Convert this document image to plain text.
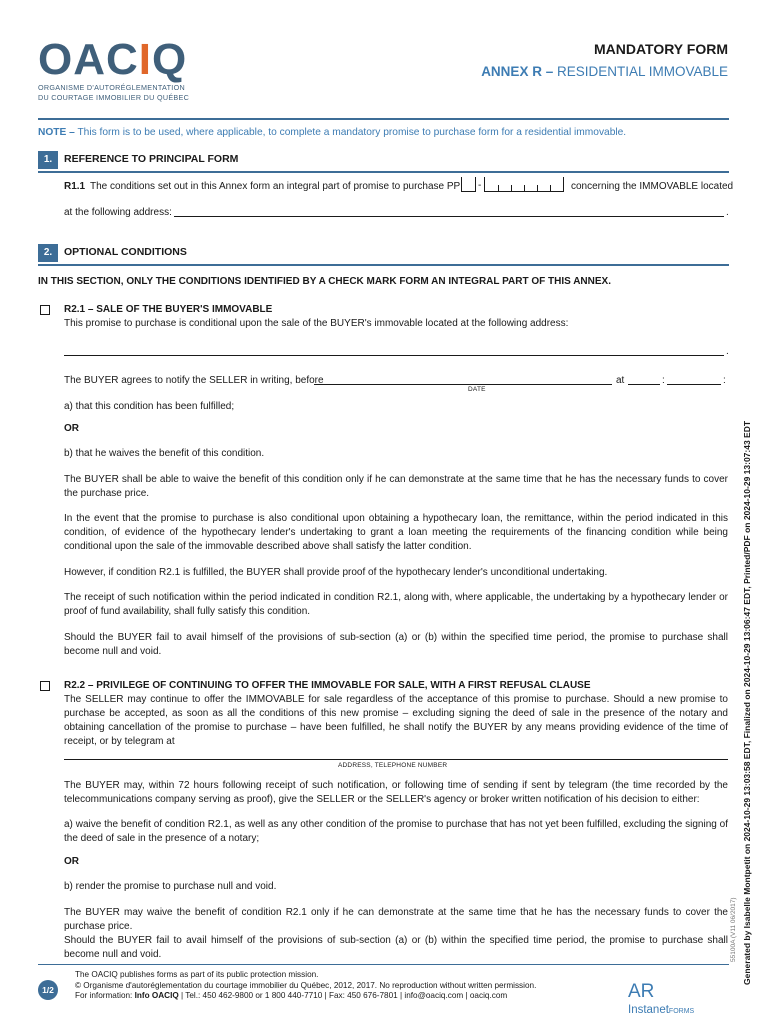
OACIQ
ORGANISME D'AUTORÉGLEMENTATION
DU COURTAGE IMMOBILIER DU QUÉBEC
MANDATORY FORM
ANNEX R – RESIDENTIAL IMMOVABLE
NOTE – This form is to be used, where applicable, to complete a mandatory promise to purchase form for a residential immovable.
1.	REFERENCE TO PRINCIPAL FORM
R1.1 The conditions set out in this Annex form an integral part of promise to purchase PP -	concerning the IMMOVABLE located
at the following address:	.
2.	OPTIONAL CONDITIONS
IN THIS SECTION, ONLY THE CONDITIONS IDENTIFIED BY A CHECK MARK FORM AN INTEGRAL PART OF THIS ANNEX.
R2.1 – SALE OF THE BUYER'S IMMOVABLE
This promise to purchase is conditional upon the sale of the BUYER's immovable located at the following address:
.
The BUYER agrees to notify the SELLER in writing, before
DATE
at	:	:
a) that this condition has been fulfilled;
OR
b) that he waives the benefit of this condition.
The BUYER shall be able to waive the benefit of this condition only if he can demonstrate at the same time that he has the necessary funds to cover the purchase price.
In the event that the promise to purchase is also conditional upon obtaining a hypothecary loan, the remittance, within the period indicated in this condition, of evidence of the hypothecary lender's undertaking to grant a loan meeting the requirements of the financing condition while being conditional upon the sale of the immovable described above shall satisfy the latter condition.
However, if condition R2.1 is fulfilled, the BUYER shall provide proof of the hypothecary lender's unconditional undertaking.
The receipt of such notification within the period indicated in condition R2.1, along with, where applicable, the undertaking by a hypothecary lender or proof of fund availability, shall fully satisfy this condition.
Should the BUYER fail to avail himself of the provisions of sub-section (a) or (b) within the specified time period, the promise to purchase shall become null and void.
R2.2 – PRIVILEGE OF CONTINUING TO OFFER THE IMMOVABLE FOR SALE, WITH A FIRST REFUSAL CLAUSE
The SELLER may continue to offer the IMMOVABLE for sale regardless of the acceptance of this promise to purchase. Should a new promise to purchase be accepted, as soon as all the conditions of this new promise – excluding signing the deed of sale in the presence of the notary and obtaining cancellation of the promise to purchase – have been fulfilled, he shall notify the BUYER by any means providing evidence of the time of receipt, or by telegram at
ADDRESS, TELEPHONE NUMBER
The BUYER may, within 72 hours following receipt of such notification, or following time of sending if sent by telegram (the time recorded by the telecommunications company serving as proof), give the SELLER or the SELLER's agency or broker written notification of his decision to either:
a) waive the benefit of condition R2.1, as well as any other condition of the promise to purchase that has not yet been fulfilled, excluding the signing of the deed of sale in the presence of a notary;
OR
b) render the promise to purchase null and void.
The BUYER may waive the benefit of condition R2.1 only if he can demonstrate at the same time that he has the necessary funds to cover the purchase price.
Should the BUYER fail to avail himself of the provisions of sub-section (a) or (b) within the specified time period, the promise to purchase shall become null and void.	Generated by Isabelle Montpetit on 2024-10-29 13:03:58 EDT, Finalized on 2024-10-29 13:06:47 EDT, Printed/PDF on 2024-10-29 13:07:43 EDT
55100A (V11 06/2017)
1/2
The OACIQ publishes forms as part of its public protection mission.
© Organisme d'autoréglementation du courtage immobilier du Québec, 2012, 2017. No reproduction without written permission.
For information: Info OACIQ | Tel.: 450 462-9800 or 1 800 440-7710 | Fax: 450 676-7801 | info@oaciq.com | oaciq.com	AR
InstanetFORMS
